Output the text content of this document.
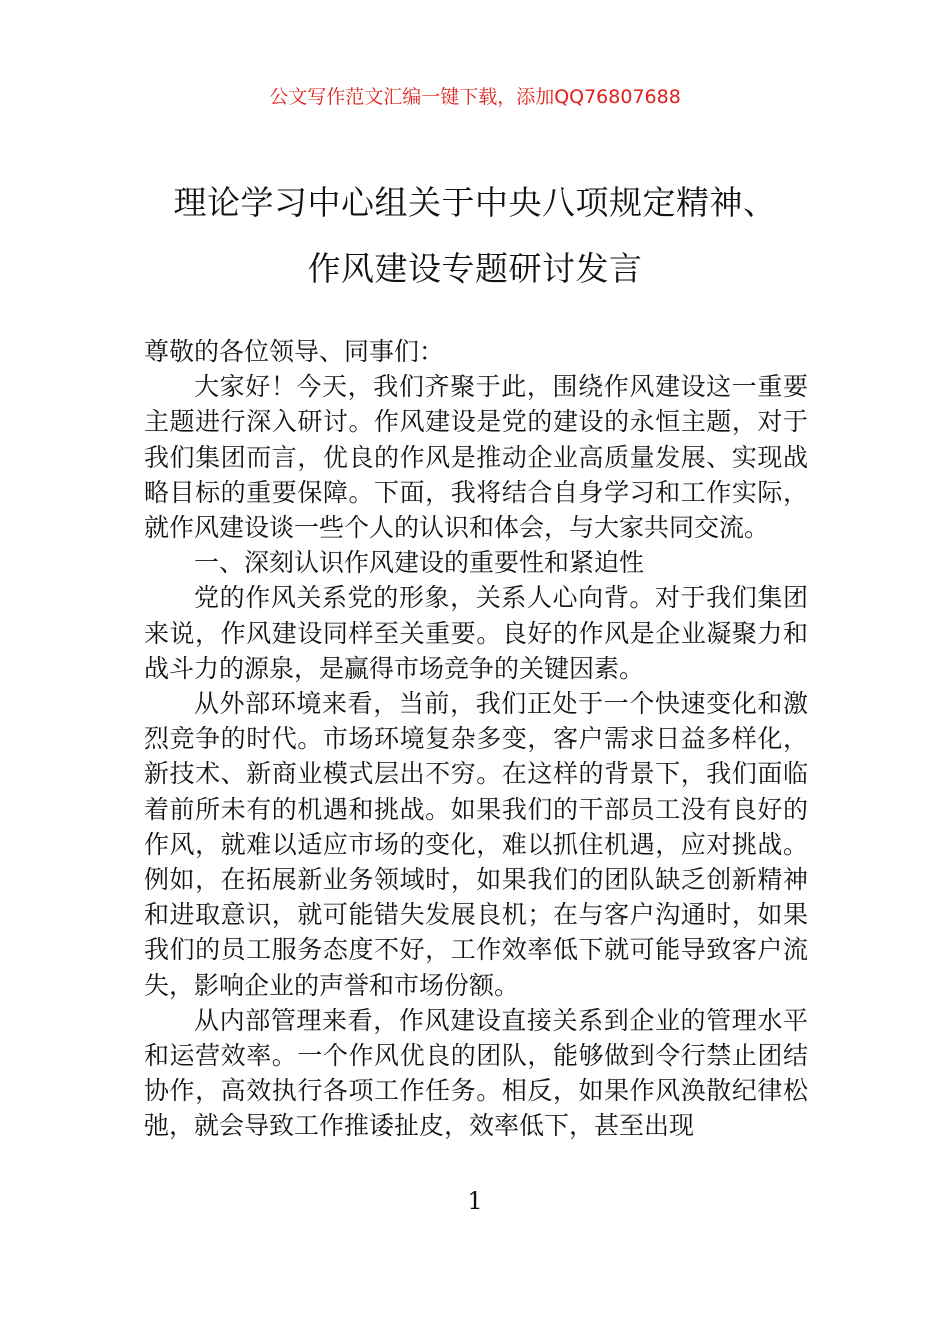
公文写作范文汇编一键下载，添加QQ76807688
理论学习中心组关于中央八项规定精神、
作风建设专题研讨发言

尊敬的各位领导、同事们：

大家好！今天，我们齐聚于此，围绕作风建设这一重要主题进行深入研讨。作风建设是党的建设的永恒主题，对于我们集团而言，优良的作风是推动企业高质量发展、实现战略目标的重要保障。下面，我将结合自身学习和工作实际，就作风建设谈一些个人的认识和体会，与大家共同交流。

一、深刻认识作风建设的重要性和紧迫性

党的作风关系党的形象，关系人心向背。对于我们集团来说，作风建设同样至关重要。良好的作风是企业凝聚力和战斗力的源泉，是赢得市场竞争的关键因素。

从外部环境来看，当前，我们正处于一个快速变化和激烈竞争的时代。市场环境复杂多变，客户需求日益多样化，新技术、新商业模式层出不穷。在这样的背景下，我们面临着前所未有的机遇和挑战。如果我们的干部员工没有良好的作风，就难以适应市场的变化，难以抓住机遇，应对挑战。例如，在拓展新业务领域时，如果我们的团队缺乏创新精神和进取意识，就可能错失发展良机；在与客户沟通时，如果我们的员工服务态度不好，工作效率低下就可能导致客户流失，影响企业的声誉和市场份额。

从内部管理来看，作风建设直接关系到企业的管理水平和运营效率。一个作风优良的团队，能够做到令行禁止团结协作，高效执行各项工作任务。相反，如果作风涣散纪律松弛，就会导致工作推诿扯皮，效率低下，甚至出现

1
